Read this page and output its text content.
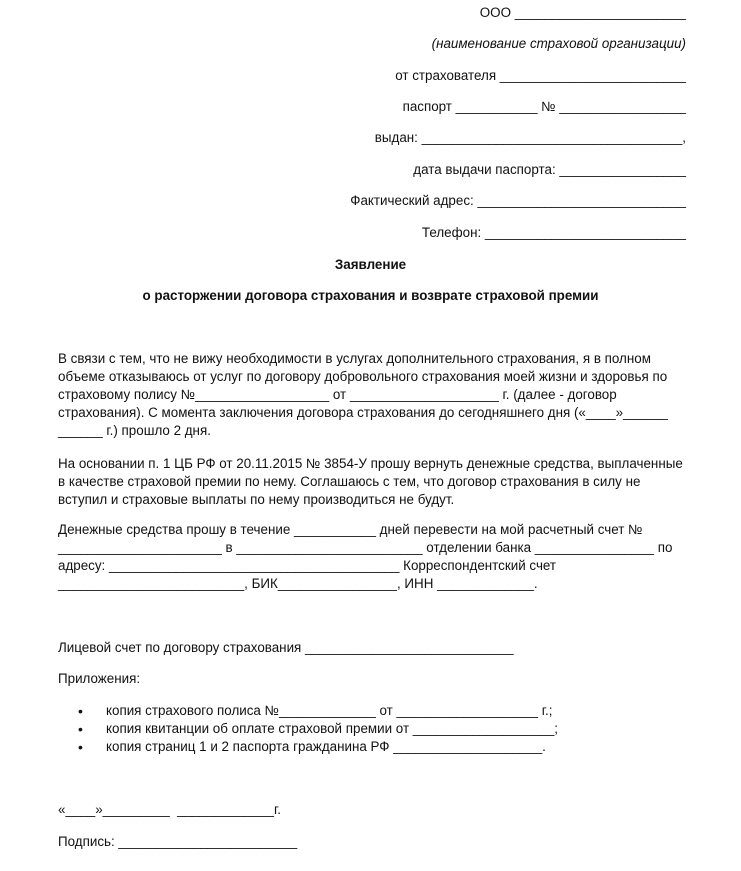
ООО _______________________
(наименование страховой организации)
от страхователя _________________________
паспорт ___________ № _________________
выдан: ___________________________________,
дата выдачи паспорта: _________________
Фактический адрес: ____________________________
Телефон: ___________________________
Заявление
о расторжении договора страхования и возврате страховой премии
В связи с тем, что не вижу необходимости в услугах дополнительного страхования, я в полном
объеме отказываюсь от услуг по договору добровольного страхования моей жизни и здоровья по
страховому полису №__________________ от ____________________ г. (далее - договор
страхования). С момента заключения договора страхования до сегодняшнего дня («____»______
______ г.) прошло 2 дня.
На основании п. 1 ЦБ РФ от 20.11.2015 № 3854-У прошу вернуть денежные средства, выплаченные
в качестве страховой премии по нему. Соглашаюсь с тем, что договор страхования в силу не
вступил и страховые выплаты по нему производиться не будут.
Денежные средства прошу в течение ___________ дней перевести на мой расчетный счет №
______________________ в _________________________ отделении банка ________________ по
адресу: _______________________________________ Корреспондентский счет
_________________________, БИК________________, ИНН _____________.
Лицевой счет по договору страхования ____________________________
Приложения:
• копия страхового полиса №_____________ от ___________________ г.;
• копия квитанции об оплате страховой премии от ___________________;
• копия страниц 1 и 2 паспорта гражданина РФ ____________________.
«____»_________  _____________г.
Подпись: ________________________
